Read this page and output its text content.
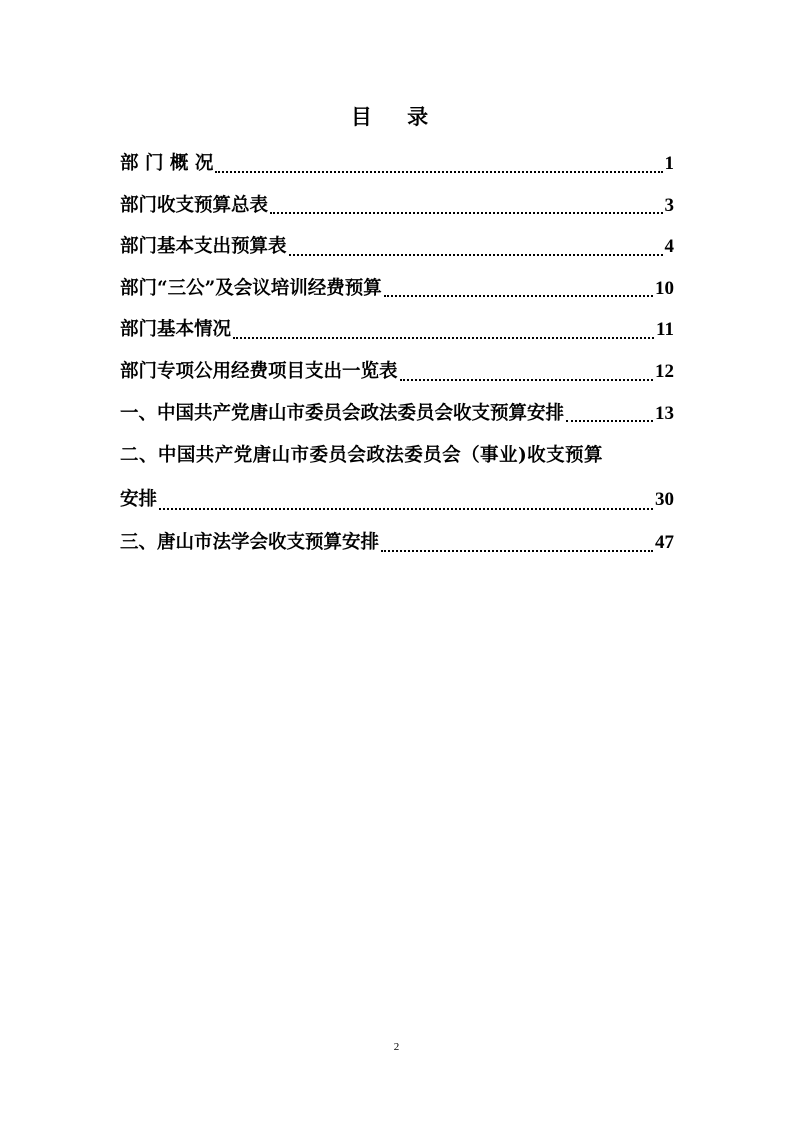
目 录
部 门 概 况	1
部门收支预算总表	3
部门基本支出预算表	4
部门“三公”及会议培训经费预算	10
部门基本情况	11
部门专项公用经费项目支出一览表	12
一、中国共产党唐山市委员会政法委员会收支预算安排	13
二、中国共产党唐山市委员会政法委员会（事业)收支预算
安排	30
三、唐山市法学会收支预算安排	47
2
